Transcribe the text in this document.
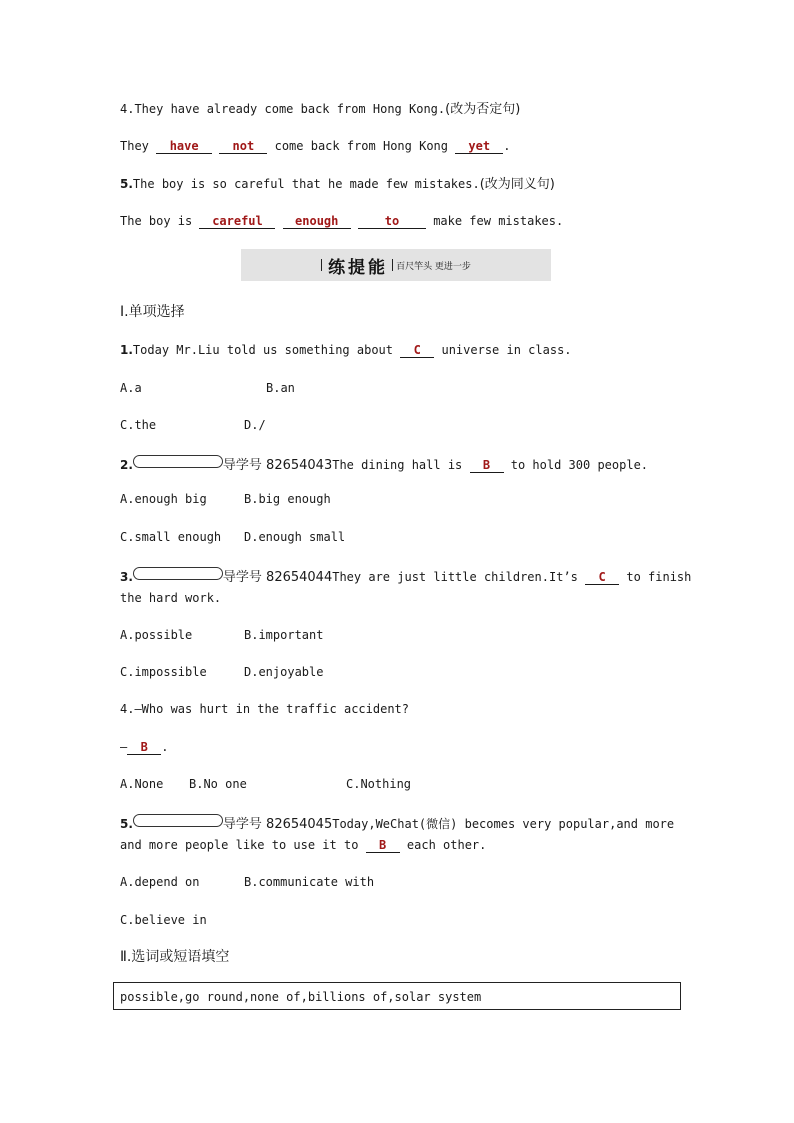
4.They have already come back from Hong Kong.(改为否定句)
They have	not come back from Hong Kong yet .
5.The boy is so careful that he made few mistakes.(改为同义句)
The boy is careful	enough	to	make few mistakes.
练提能 百尺竿头 更进一步
Ⅰ.单项选择
1.Today Mr.Liu told us something about C universe in class.
A.a	B.an
C.the	D./
2.	导学号 82654043The dining hall is B to hold 300 people.
A.enough big	B.big enough
C.small enough D.enough small
3.	导学号 82654044They are just little children.It’s C to finish
the hard work.
A.possible	B.important
C.impossible	D.enjoyable
4.—Who was hurt in the traffic accident?
— B .
A.None B.No one	C.Nothing
5.	导学号 82654045Today,WeChat(微信) becomes very popular,and more
and more people like to use it to B each other.
A.depend on	B.communicate with
C.believe in
Ⅱ.选词或短语填空
possible,go round,none of,billions of,solar system
